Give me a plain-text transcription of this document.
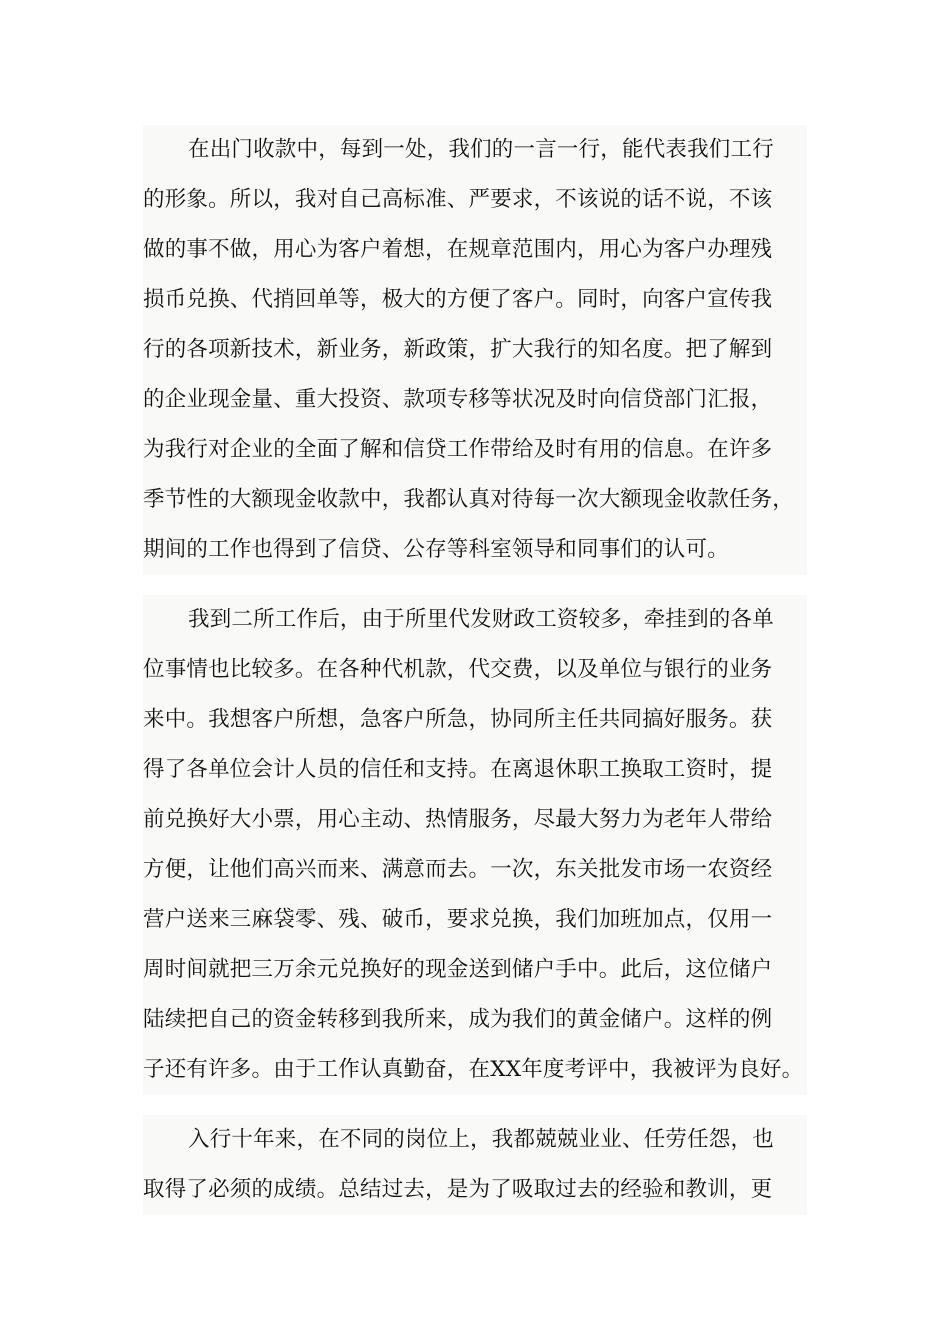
在出门收款中，每到一处，我们的一言一行，能代表我们工行
的形象。所以，我对自己高标准、严要求，不该说的话不说，不该
做的事不做，用心为客户着想，在规章范围内，用心为客户办理残
损币兑换、代捎回单等，极大的方便了客户。同时，向客户宣传我
行的各项新技术，新业务，新政策，扩大我行的知名度。把了解到
的企业现金量、重大投资、款项专移等状况及时向信贷部门汇报，
为我行对企业的全面了解和信贷工作带给及时有用的信息。在许多
季节性的大额现金收款中，我都认真对待每一次大额现金收款任务，
期间的工作也得到了信贷、公存等科室领导和同事们的认可。
我到二所工作后，由于所里代发财政工资较多，牵挂到的各单
位事情也比较多。在各种代机款，代交费，以及单位与银行的业务
来中。我想客户所想，急客户所急，协同所主任共同搞好服务。获
得了各单位会计人员的信任和支持。在离退休职工换取工资时，提
前兑换好大小票，用心主动、热情服务，尽最大努力为老年人带给
方便，让他们高兴而来、满意而去。一次，东关批发市场一农资经
营户送来三麻袋零、残、破币，要求兑换，我们加班加点，仅用一
周时间就把三万余元兑换好的现金送到储户手中。此后，这位储户
陆续把自己的资金转移到我所来，成为我们的黄金储户。这样的例
子还有许多。由于工作认真勤奋，在XX年度考评中，我被评为良好。
入行十年来，在不同的岗位上，我都兢兢业业、任劳任怨，也
取得了必须的成绩。总结过去，是为了吸取过去的经验和教训，更
